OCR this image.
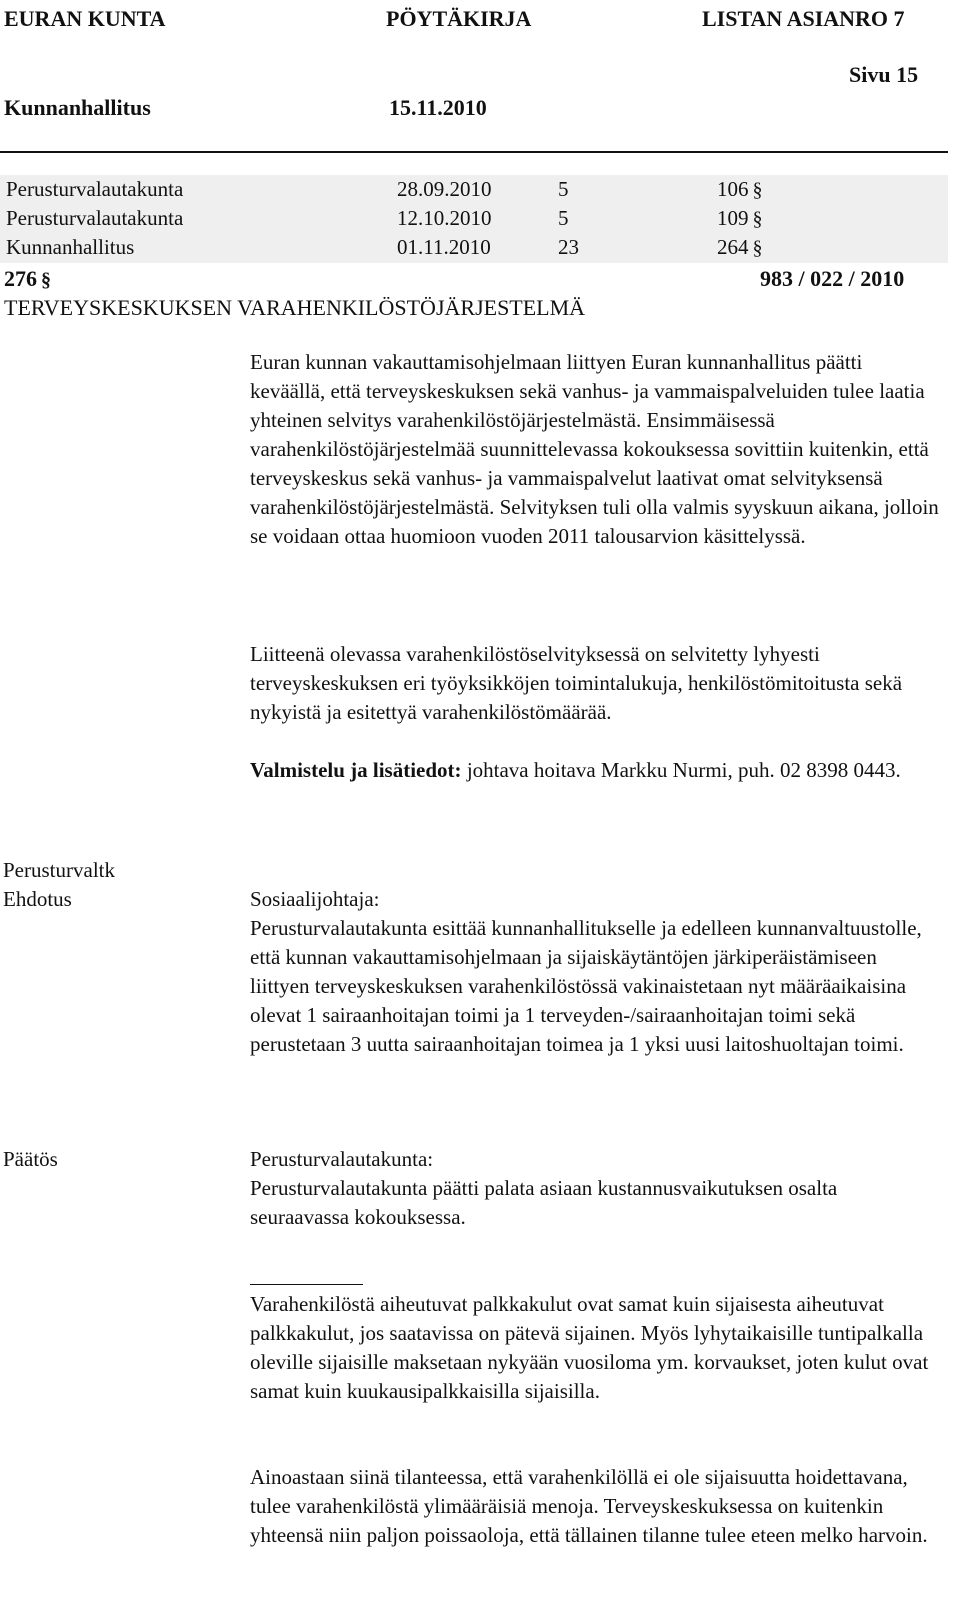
EURAN KUNTA	PÖYTÄKIRJA	LISTAN ASIANRO 7
Sivu 15
Kunnanhallitus	15.11.2010
Perusturvalautakunta	28.09.2010	5	106 §
Perusturvalautakunta	12.10.2010	5	109 §
Kunnanhallitus	01.11.2010	23	264 §
276 §	983 / 022 / 2010
TERVEYSKESKUKSEN VARAHENKILÖSTÖJÄRJESTELMÄ

Euran kunnan vakauttamisohjelmaan liittyen Euran kunnanhallitus päätti keväällä, että terveyskeskuksen sekä vanhus- ja vammaispalveluiden tulee laatia yhteinen selvitys varahenkilöstöjärjestelmästä. Ensimmäisessä varahenkilöstöjärjestelmää suunnittelevassa kokouksessa sovittiin kuitenkin, että terveyskeskus sekä vanhus- ja vammaispalvelut laativat omat selvityksensä varahenkilöstöjärjestelmästä. Selvityksen tuli olla valmis syyskuun aikana, jolloin se voidaan ottaa huomioon vuoden 2011 talousarvion käsittelyssä.

Liitteenä olevassa varahenkilöstöselvityksessä on selvitetty lyhyesti terveyskeskuksen eri työyksikköjen toimintalukuja, henkilöstömitoitusta sekä nykyistä ja esitettyä varahenkilöstömäärää.

Valmistelu ja lisätiedot: johtava hoitava Markku Nurmi, puh. 02 8398 0443.

Perusturvaltk
Ehdotus	Sosiaalijohtaja:

Perusturvalautakunta esittää kunnanhallitukselle ja edelleen kunnanvaltuustolle, että kunnan vakauttamisohjelmaan ja sijaiskäytäntöjen järkiperäistämiseen liittyen terveyskeskuksen varahenkilöstössä vakinaistetaan nyt määräaikaisina olevat 1 sairaanhoitajan toimi ja 1 terveyden-/sairaanhoitajan toimi sekä perustetaan 3 uutta sairaanhoitajan toimea ja 1 yksi uusi laitoshuoltajan toimi.

Päätös	Perusturvalautakunta:

Perusturvalautakunta päätti palata asiaan kustannusvaikutuksen osalta seuraavassa kokouksessa.

Varahenkilöstä aiheutuvat palkkakulut ovat samat kuin sijaisesta aiheutuvat palkkakulut, jos saatavissa on pätevä sijainen. Myös lyhytaikaisille tuntipalkalla oleville sijaisille maksetaan nykyään vuosiloma ym. korvaukset, joten kulut ovat samat kuin kuukausipalkkaisilla sijaisilla.

Ainoastaan siinä tilanteessa, että varahenkilöllä ei ole sijaisuutta hoidettavana, tulee varahenkilöstä ylimääräisiä menoja. Terveyskeskuksessa on kuitenkin yhteensä niin paljon poissaoloja, että tällainen tilanne tulee eteen melko harvoin.
